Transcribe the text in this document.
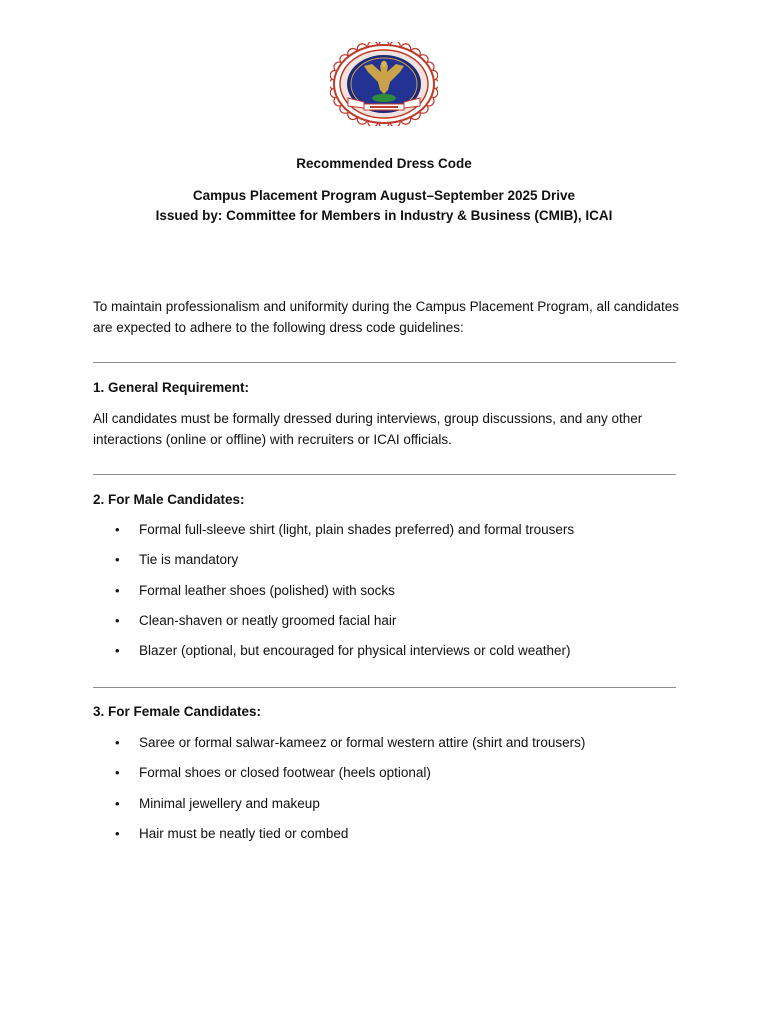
Recommended Dress Code

Campus Placement Program August–September 2025 Drive

Issued by: Committee for Members in Industry & Business (CMIB), ICAI

To maintain professionalism and uniformity during the Campus Placement Program, all candidates are expected to adhere to the following dress code guidelines:

1. General Requirement:

All candidates must be formally dressed during interviews, group discussions, and any other interactions (online or offline) with recruiters or ICAI officials.

2. For Male Candidates:

• Formal full-sleeve shirt (light, plain shades preferred) and formal trousers
• Tie is mandatory
• Formal leather shoes (polished) with socks
• Clean-shaven or neatly groomed facial hair
• Blazer (optional, but encouraged for physical interviews or cold weather)

3. For Female Candidates:

• Saree or formal salwar-kameez or formal western attire (shirt and trousers)
• Formal shoes or closed footwear (heels optional)
• Minimal jewellery and makeup
• Hair must be neatly tied or combed
